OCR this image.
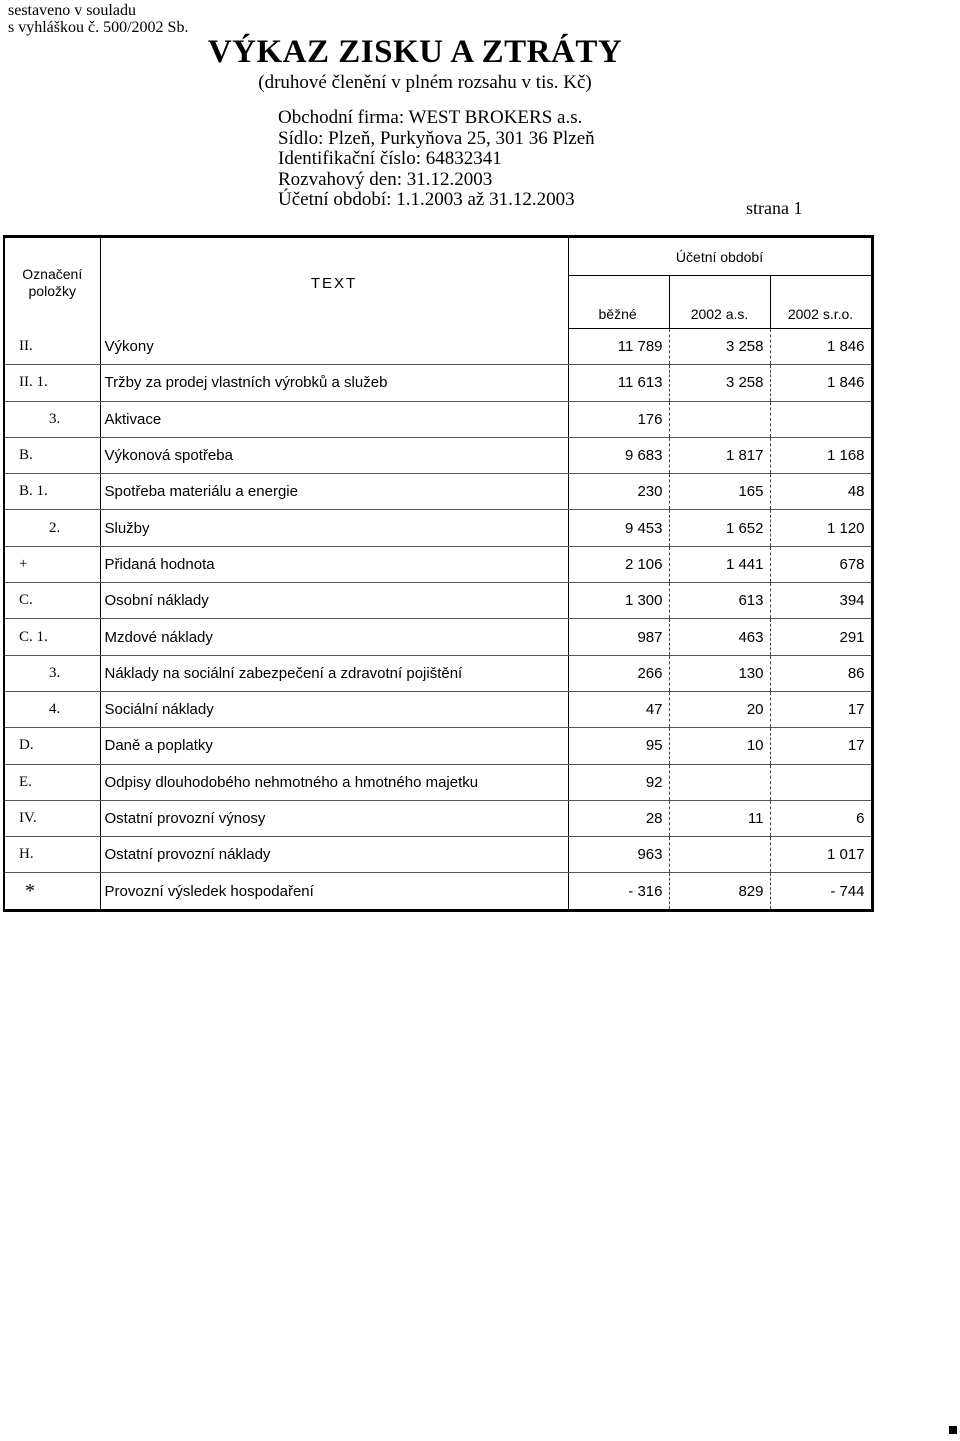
sestaveno v souladu
s vyhláškou č. 500/2002 Sb.
VÝKAZ ZISKU A ZTRÁTY
(druhové členění v plném rozsahu v tis. Kč)
Obchodní firma: WEST BROKERS a.s.
Sídlo: Plzeň, Purkyňova 25, 301 36 Plzeň
Identifikační číslo: 64832341
Rozvahový den: 31.12.2003
Účetní období: 1.1.2003 až 31.12.2003	strana 1
Označení položky	TEXT	Účetní období		
		běžné	2002 a.s.	2002 s.r.o.
II.	Výkony	11 789	3 258	1 846
II. 1.	Tržby za prodej vlastních výrobků a služeb	11 613	3 258	1 846
3.	Aktivace	176		
B.	Výkonová spotřeba	9 683	1 817	1 168
B. 1.	Spotřeba materiálu a energie	230	165	48
2.	Služby	9 453	1 652	1 120
+	Přidaná hodnota	2 106	1 441	678
C.	Osobní náklady	1 300	613	394
C. 1.	Mzdové náklady	987	463	291
3.	Náklady na sociální zabezpečení a zdravotní pojištění	266	130	86
4.	Sociální náklady	47	20	17
D.	Daně a poplatky	95	10	17
E.	Odpisy dlouhodobého nehmotného a hmotného majetku	92		
IV.	Ostatní provozní výnosy	28	11	6
H.	Ostatní provozní náklady	963		1 017
*	Provozní výsledek hospodaření	- 316	829	- 744
